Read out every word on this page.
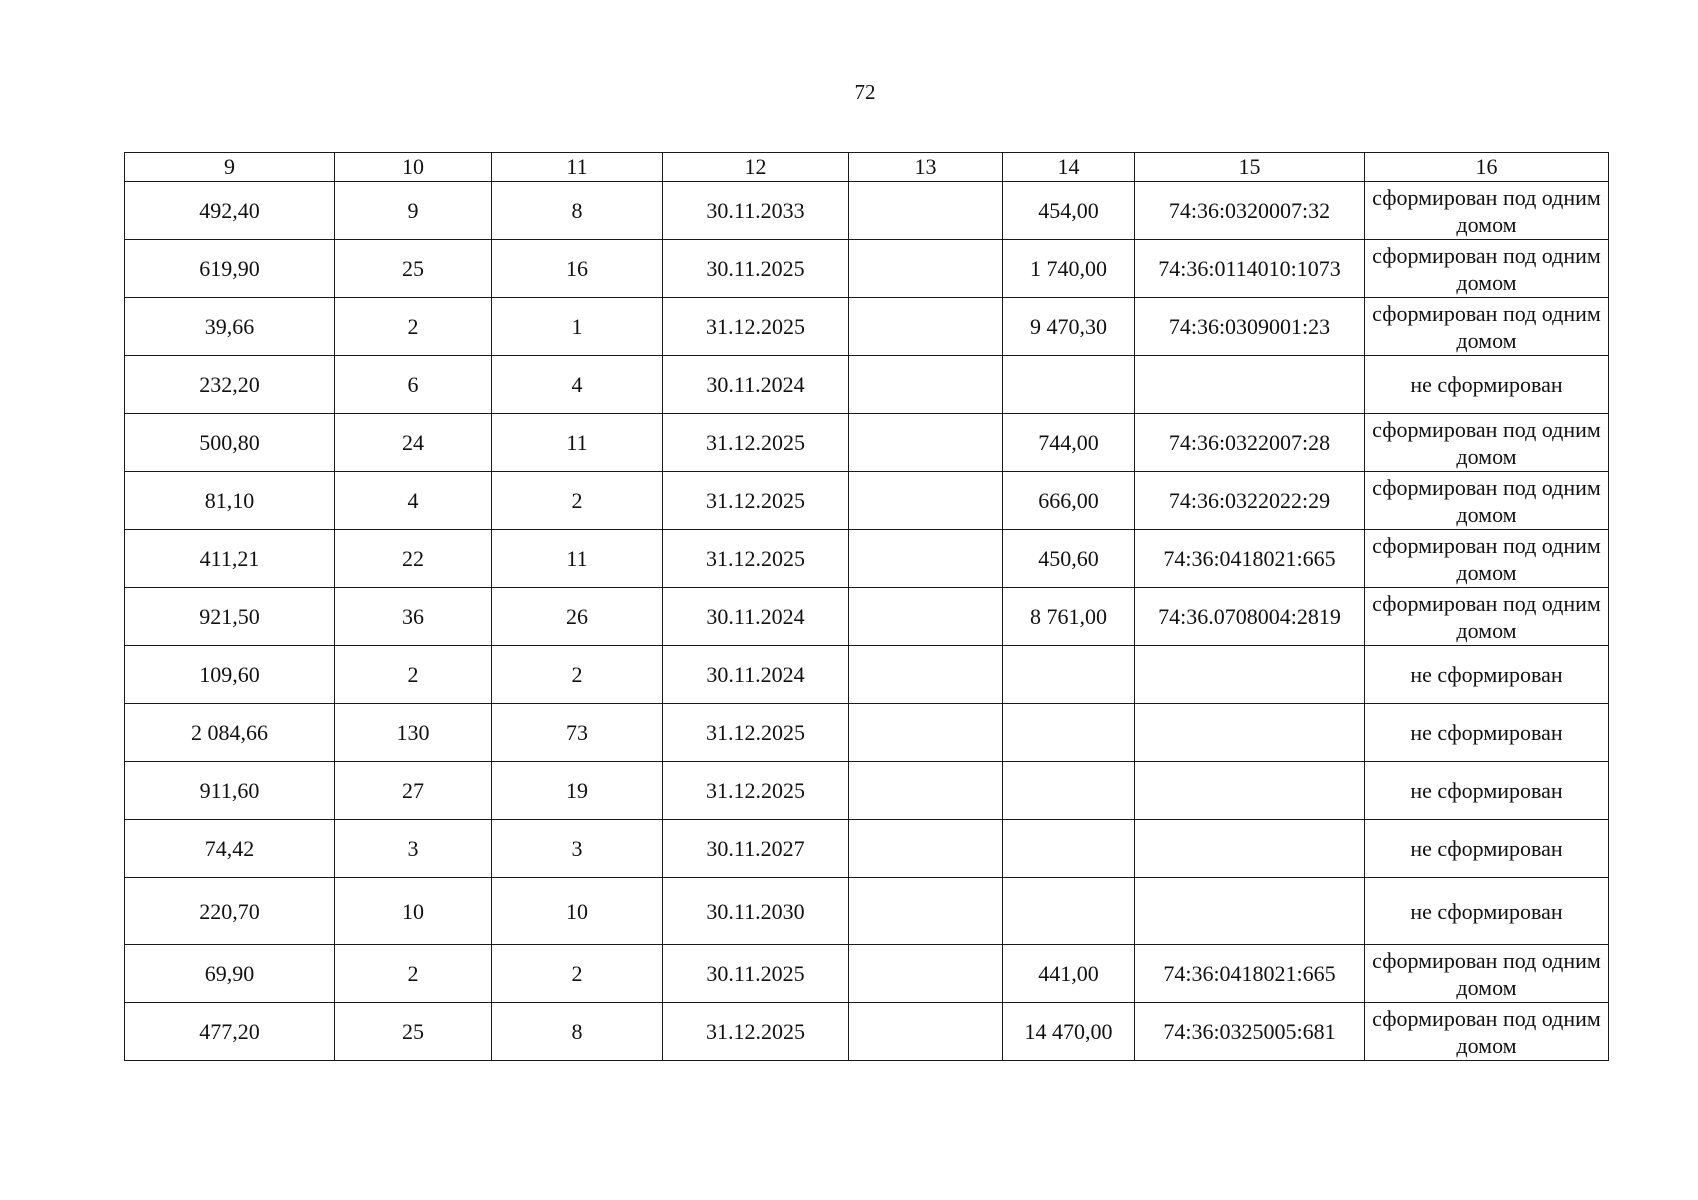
72
9	10	11	12	13	14	15	16
492,40	9	8	30.11.2033		454,00	74:36:0320007:32	сформирован под одним домом
619,90	25	16	30.11.2025		1 740,00	74:36:0114010:1073	сформирован под одним домом
39,66	2	1	31.12.2025		9 470,30	74:36:0309001:23	сформирован под одним домом
232,20	6	4	30.11.2024				не сформирован
500,80	24	11	31.12.2025		744,00	74:36:0322007:28	сформирован под одним домом
81,10	4	2	31.12.2025		666,00	74:36:0322022:29	сформирован под одним домом
411,21	22	11	31.12.2025		450,60	74:36:0418021:665	сформирован под одним домом
921,50	36	26	30.11.2024		8 761,00	74:36.0708004:2819	сформирован под одним домом
109,60	2	2	30.11.2024				не сформирован
2 084,66	130	73	31.12.2025				не сформирован
911,60	27	19	31.12.2025				не сформирован
74,42	3	3	30.11.2027				не сформирован
220,70	10	10	30.11.2030				не сформирован
69,90	2	2	30.11.2025		441,00	74:36:0418021:665	сформирован под одним домом
477,20	25	8	31.12.2025		14 470,00	74:36:0325005:681	сформирован под одним домом
